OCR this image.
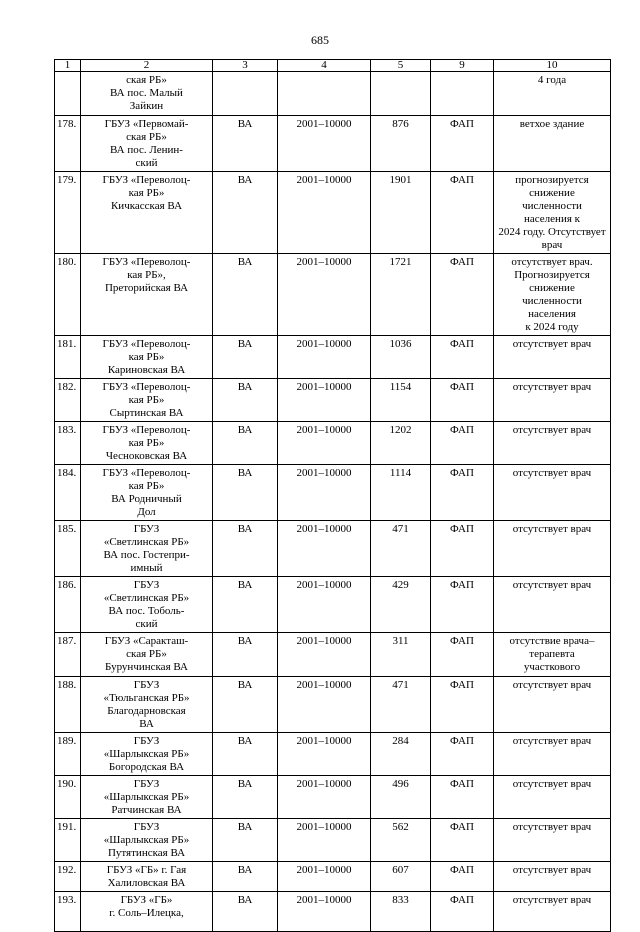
685
1	2	3	4	5	9	10

	ская РБ»
ВА пос. Малый
Зайкин					4 года

178.	ГБУЗ «Первомай-
ская РБ»
ВА пос. Ленин-
ский	ВА	2001–10000	876	ФАП	ветхое здание

179.	ГБУЗ «Переволоц-
кая РБ»
Кичкасская ВА	ВА	2001–10000	1901	ФАП	прогнозируется снижение
численности населения к
2024 году. Отсутствует врач

180.	ГБУЗ «Переволоц-
кая РБ»,
Преторийская ВА	ВА	2001–10000	1721	ФАП	отсутствует врач.
Прогнозируется снижение
численности населения
к 2024 году

181.	ГБУЗ «Переволоц-
кая РБ»
Кариновская ВА	ВА	2001–10000	1036	ФАП	отсутствует врач

182.	ГБУЗ «Переволоц-
кая РБ»
Сыртинская ВА	ВА	2001–10000	1154	ФАП	отсутствует врач

183.	ГБУЗ «Переволоц-
кая РБ»
Чесноковская ВА	ВА	2001–10000	1202	ФАП	отсутствует врач

184.	ГБУЗ «Переволоц-
кая РБ»
ВА Родничный
Дол	ВА	2001–10000	1114	ФАП	отсутствует врач

185.	ГБУЗ
«Светлинская РБ»
ВА пос. Гостепри-
имный	ВА	2001–10000	471	ФАП	отсутствует врач

186.	ГБУЗ
«Светлинская РБ»
ВА пос. Тоболь-
ский	ВА	2001–10000	429	ФАП	отсутствует врач

187.	ГБУЗ «Саракташ-
ская РБ»
Бурунчинская ВА	ВА	2001–10000	311	ФАП	отсутствие врача–терапевта
участкового

188.	ГБУЗ
«Тюльганская РБ»
Благодарновская
ВА	ВА	2001–10000	471	ФАП	отсутствует врач

189.	ГБУЗ
«Шарлыкская РБ»
Богородская ВА	ВА	2001–10000	284	ФАП	отсутствует врач

190.	ГБУЗ
«Шарлыкская РБ»
Ратчинская ВА	ВА	2001–10000	496	ФАП	отсутствует врач

191.	ГБУЗ
«Шарлыкская РБ»
Путятинская ВА	ВА	2001–10000	562	ФАП	отсутствует врач

192.	ГБУЗ «ГБ» г. Гая
Халиловская ВА	ВА	2001–10000	607	ФАП	отсутствует врач

193.	ГБУЗ «ГБ»
г. Соль–Илецка,	ВА	2001–10000	833	ФАП	отсутствует врач
